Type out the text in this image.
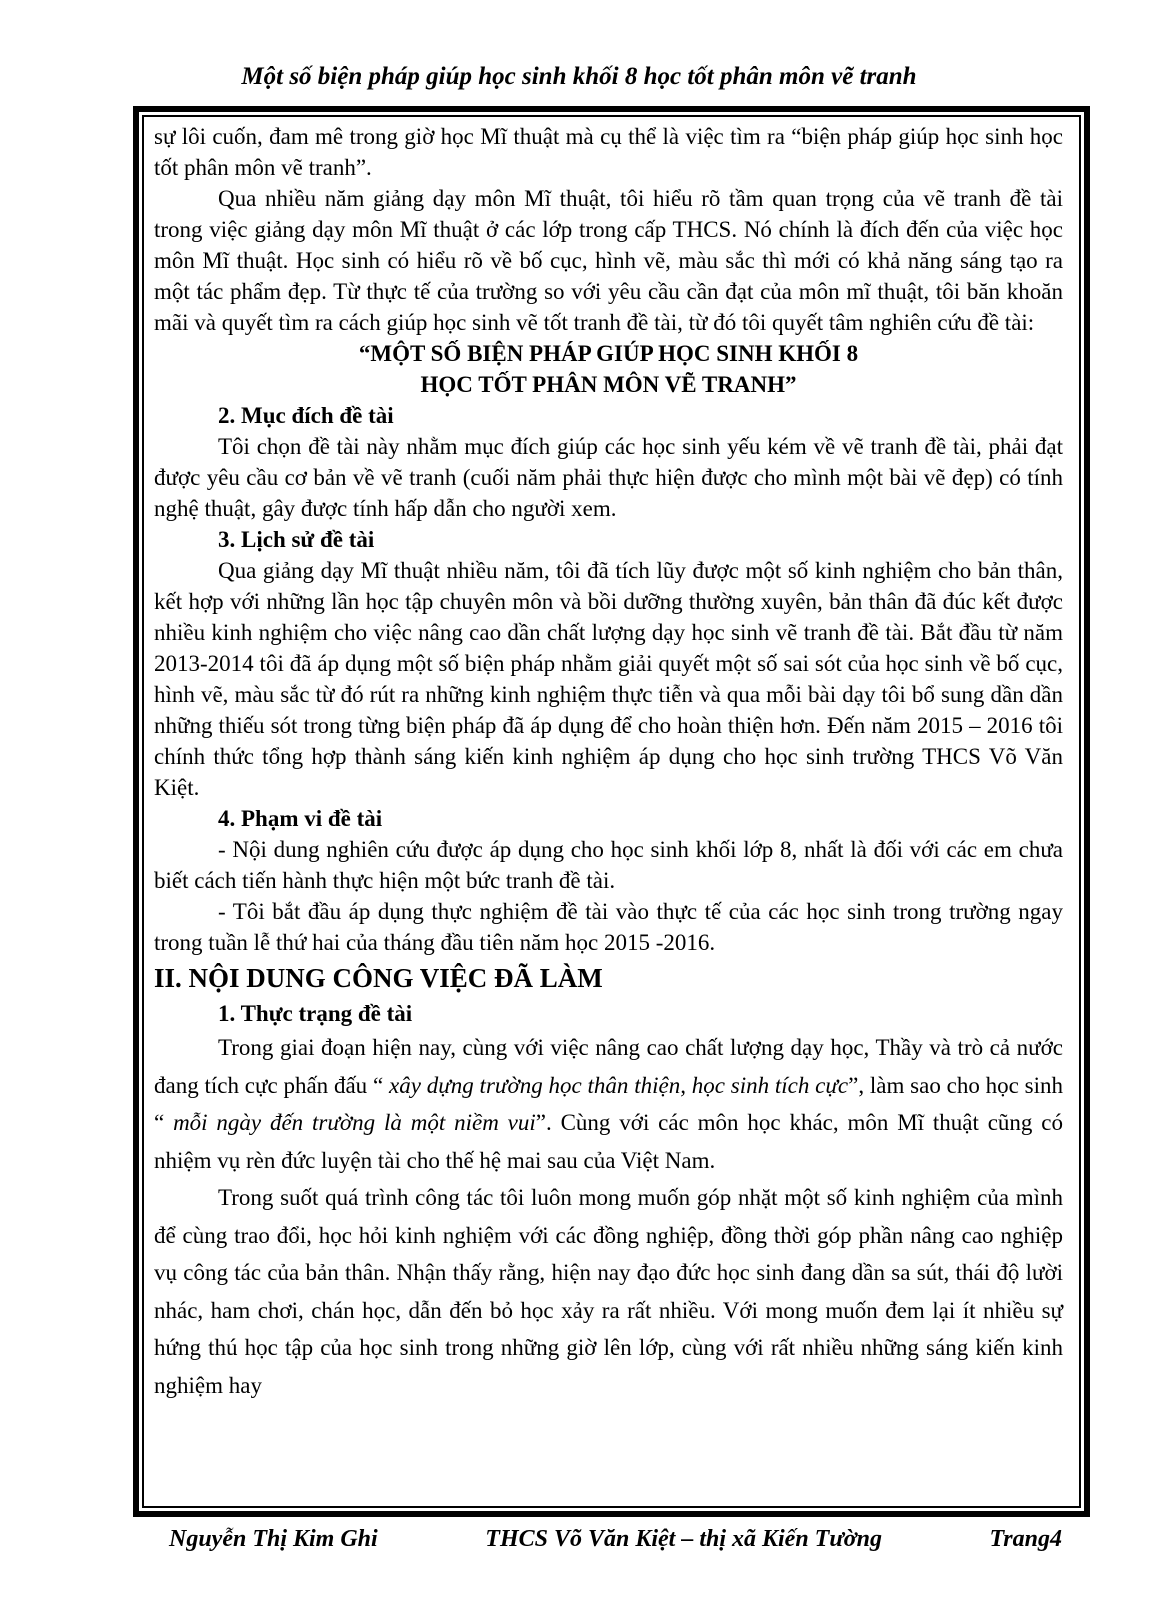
Một số biện pháp giúp học sinh khối 8 học tốt phân môn vẽ tranh
sự lôi cuốn, đam mê trong giờ học Mĩ thuật mà cụ thể là việc tìm ra “biện pháp giúp học sinh học tốt phân môn vẽ tranh”.
Qua nhiều năm giảng dạy môn Mĩ thuật, tôi hiểu rõ tầm quan trọng của vẽ tranh đề tài trong việc giảng dạy môn Mĩ thuật ở các lớp trong cấp THCS. Nó chính là đích đến của việc học môn Mĩ thuật. Học sinh có hiểu rõ về bố cục, hình vẽ, màu sắc thì mới có khả năng sáng tạo ra một tác phẩm đẹp. Từ thực tế của trường so với yêu cầu cần đạt của môn mĩ thuật, tôi băn khoăn mãi và quyết tìm ra cách giúp học sinh vẽ tốt tranh đề tài, từ đó tôi quyết tâm nghiên cứu đề tài:
“MỘT SỐ BIỆN PHÁP GIÚP HỌC SINH KHỐI 8
HỌC TỐT PHÂN MÔN VẼ TRANH”
2. Mục đích đề tài
Tôi chọn đề tài này nhằm mục đích giúp các học sinh yếu kém về vẽ tranh đề tài, phải đạt được yêu cầu cơ bản về vẽ tranh (cuối năm phải thực hiện được cho mình một bài vẽ đẹp) có tính nghệ thuật, gây được tính hấp dẫn cho người xem.
3. Lịch sử đề tài
Qua giảng dạy Mĩ thuật nhiều năm, tôi đã tích lũy được một số kinh nghiệm cho bản thân, kết hợp với những lần học tập chuyên môn và bồi dưỡng thường xuyên, bản thân đã đúc kết được nhiều kinh nghiệm cho việc nâng cao dần chất lượng dạy học sinh vẽ tranh đề tài. Bắt đầu từ năm 2013-2014 tôi đã áp dụng một số biện pháp nhằm giải quyết một số sai sót của học sinh về bố cục, hình vẽ, màu sắc từ đó rút ra những kinh nghiệm thực tiễn và qua mỗi bài dạy tôi bổ sung dần dần những thiếu sót trong từng biện pháp đã áp dụng để cho hoàn thiện hơn. Đến năm 2015 – 2016 tôi chính thức tổng hợp thành sáng kiến kinh nghiệm áp dụng cho học sinh trường THCS Võ Văn Kiệt.
4. Phạm vi đề tài
- Nội dung nghiên cứu được áp dụng cho học sinh khối lớp 8, nhất là đối với các em chưa biết cách tiến hành thực hiện một bức tranh đề tài.
- Tôi bắt đầu áp dụng thực nghiệm đề tài vào thực tế của các học sinh trong trường ngay trong tuần lễ thứ hai của tháng đầu tiên năm học 2015 -2016.
II. NỘI DUNG CÔNG VIỆC ĐÃ LÀM
1. Thực trạng đề tài
Trong giai đoạn hiện nay, cùng với việc nâng cao chất lượng dạy học, Thầy và trò cả nước đang tích cực phấn đấu “ xây dựng trường học thân thiện, học sinh tích cực”, làm sao cho học sinh “ mỗi ngày đến trường là một niềm vui”. Cùng với các môn học khác, môn Mĩ thuật cũng có nhiệm vụ rèn đức luyện tài cho thế hệ mai sau của Việt Nam.
Trong suốt quá trình công tác tôi luôn mong muốn góp nhặt một số kinh nghiệm của mình để cùng trao đổi, học hỏi kinh nghiệm với các đồng nghiệp, đồng thời góp phần nâng cao nghiệp vụ công tác của bản thân. Nhận thấy rằng, hiện nay đạo đức học sinh đang dần sa sút, thái độ lười nhác, ham chơi, chán học, dẫn đến bỏ học xảy ra rất nhiều. Với mong muốn đem lại ít nhiều sự hứng thú học tập của học sinh trong những giờ lên lớp, cùng với rất nhiều những sáng kiến kinh nghiệm hay
Nguyễn Thị Kim Ghi	THCS Võ Văn Kiệt – thị xã Kiến Tường	Trang4
